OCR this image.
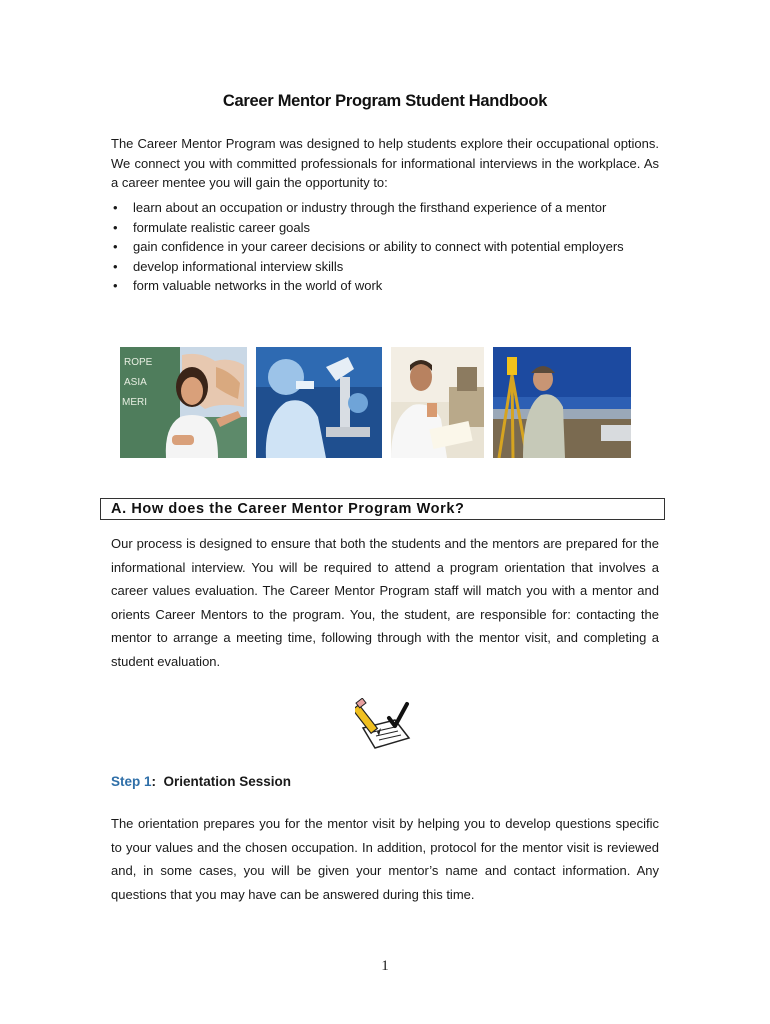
Career Mentor Program Student Handbook
The Career Mentor Program was designed to help students explore their occupational options. We connect you with committed professionals for informational interviews in the workplace. As a career mentee you will gain the opportunity to:
• learn about an occupation or industry through the firsthand experience of a mentor
• formulate realistic career goals
• gain confidence in your career decisions or ability to connect with potential employers
• develop informational interview skills
• form valuable networks in the world of work
ROPE
ASIA
MERI
A. How does the Career Mentor Program Work?
Our process is designed to ensure that both the students and the mentors are prepared for the informational interview. You will be required to attend a program orientation that involves a career values evaluation. The Career Mentor Program staff will match you with a mentor and orients Career Mentors to the program. You, the student, are responsible for: contacting the mentor to arrange a meeting time, following through with the mentor visit, and completing a student evaluation.
Step 1:  Orientation Session
The orientation prepares you for the mentor visit by helping you to develop questions specific to your values and the chosen occupation. In addition, protocol for the mentor visit is reviewed and, in some cases, you will be given your mentor’s name and contact information. Any questions that you may have can be answered during this time.
1
